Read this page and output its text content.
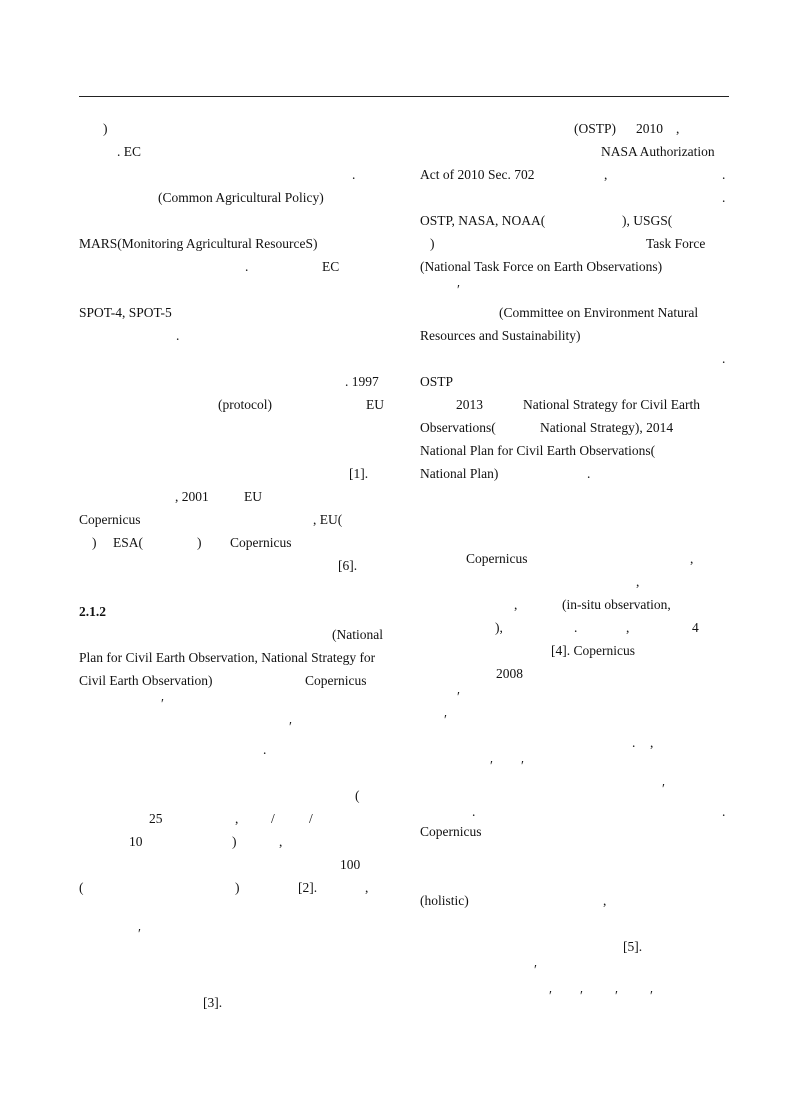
)
. EC
.
(Common Agricultural Policy)
MARS(Monitoring Agricultural ResourceS)
.	EC
SPOT-4, SPOT-5
.
. 1997
(protocol)	EU
[1].
, 2001	EU
Copernicus	, EU(
) ESA(	) Copernicus
[6].
2.1.2
(National
Plan for Civil Earth Observation, National Strategy for
Civil Earth Observation)	Copernicus
′
′
.
(
25	, /	/
10	)	,
100
(	)	[2].	,
′
[3].
(OSTP) 2010 ,
NASA Authorization
Act of 2010 Sec. 702	,	.
.
OSTP, NASA, NOAA(	), USGS(
)	Task Force
(National Task Force on Earth Observations)
′
(Committee on Environment Natural
Resources and Sustainability)
.
OSTP
2013	National Strategy for Civil Earth
Observations(	National Strategy), 2014
National Plan for Civil Earth Observations(
National Plan)	.
Copernicus	,
,
,	(in-situ observation,
),	.	,	4
[4]. Copernicus
2008
′
′
. ,
′ ′
′
.	.
Copernicus
(holistic)	,
[5].
′
′ ′ ′ ′
